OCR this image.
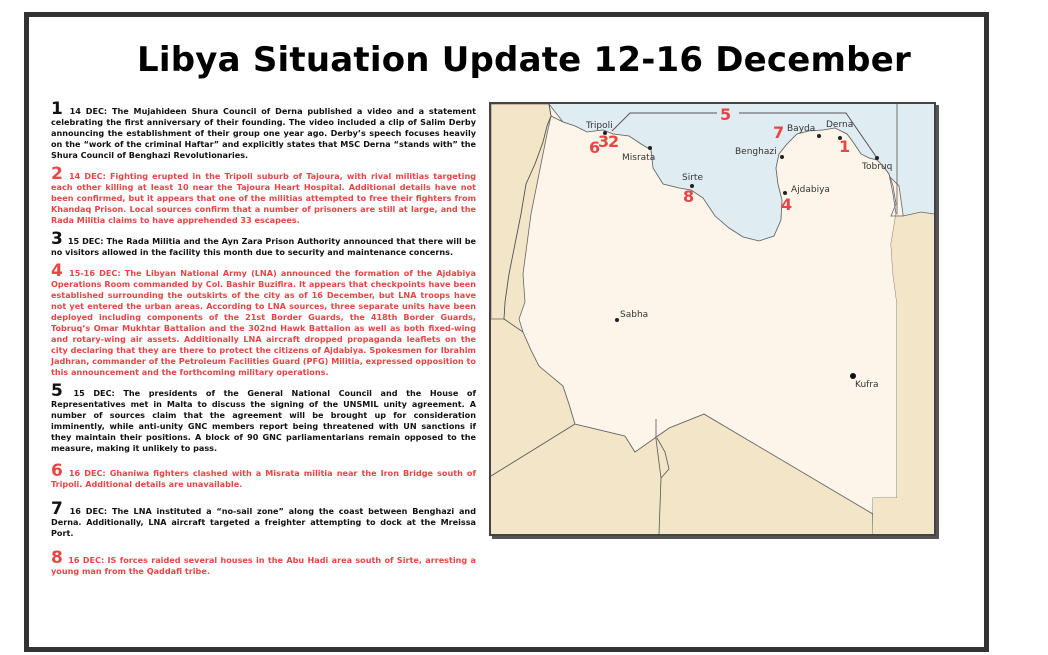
Libya Situation Update 12-16 December

1 14 DEC: The Mujahideen Shura Council of Derna published a video and a statement celebrating the first anniversary of their founding. The video included a clip of Salim Derby announcing the establishment of their group one year ago. Derby’s speech focuses heavily on the “work of the criminal Haftar” and explicitly states that MSC Derna “stands with” the Shura Council of Benghazi Revolutionaries.

2 14 DEC: Fighting erupted in the Tripoli suburb of Tajoura, with rival militias targeting each other killing at least 10 near the Tajoura Heart Hospital. Additional details have not been confirmed, but it appears that one of the militias attempted to free their fighters from Khandaq Prison. Local sources confirm that a number of prisoners are still at large, and the Rada Militia claims to have apprehended 33 escapees.

3 15 DEC: The Rada Militia and the Ayn Zara Prison Authority announced that there will be no visitors allowed in the facility this month due to security and maintenance concerns.

4 15-16 DEC: The Libyan National Army (LNA) announced the formation of the Ajdabiya Operations Room commanded by Col. Bashir Buzifira. It appears that checkpoints have been established surrounding the outskirts of the city as of 16 December, but LNA troops have not yet entered the urban areas. According to LNA sources, three separate units have been deployed including components of the 21st Border Guards, the 418th Border Guards, Tobruq’s Omar Mukhtar Battalion and the 302nd Hawk Battalion as well as both fixed-wing and rotary-wing air assets. Additionally LNA aircraft dropped propaganda leaflets on the city declaring that they are there to protect the citizens of Ajdabiya. Spokesmen for Ibrahim Jadhran, commander of the Petroleum Facilities Guard (PFG) Militia, expressed opposition to this announcement and the forthcoming military operations.

5 15 DEC: The presidents of the General National Council and the House of Representatives met in Malta to discuss the signing of the UNSMIL unity agreement. A number of sources claim that the agreement will be brought up for consideration imminently, while anti-unity GNC members report being threatened with UN sanctions if they maintain their positions. A block of 90 GNC parliamentarians remain opposed to the measure, making it unlikely to pass.

6 16 DEC: Ghaniwa fighters clashed with a Misrata militia near the Iron Bridge south of Tripoli. Additional details are unavailable.

7 16 DEC: The LNA instituted a “no-sail zone” along the coast between Benghazi and Derna. Additionally, LNA aircraft targeted a freighter attempting to dock at the Mreissa Port.

8 16 DEC: IS forces raided several houses in the Abu Hadi area south of Sirte, arresting a young man from the Qaddafi tribe.

Tripoli
Misrata
Sirte
Benghazi
Bayda Derna
Tobruq
Ajdabiya
Sabha
Kufra
6
3
2
8
7
1
4
5
